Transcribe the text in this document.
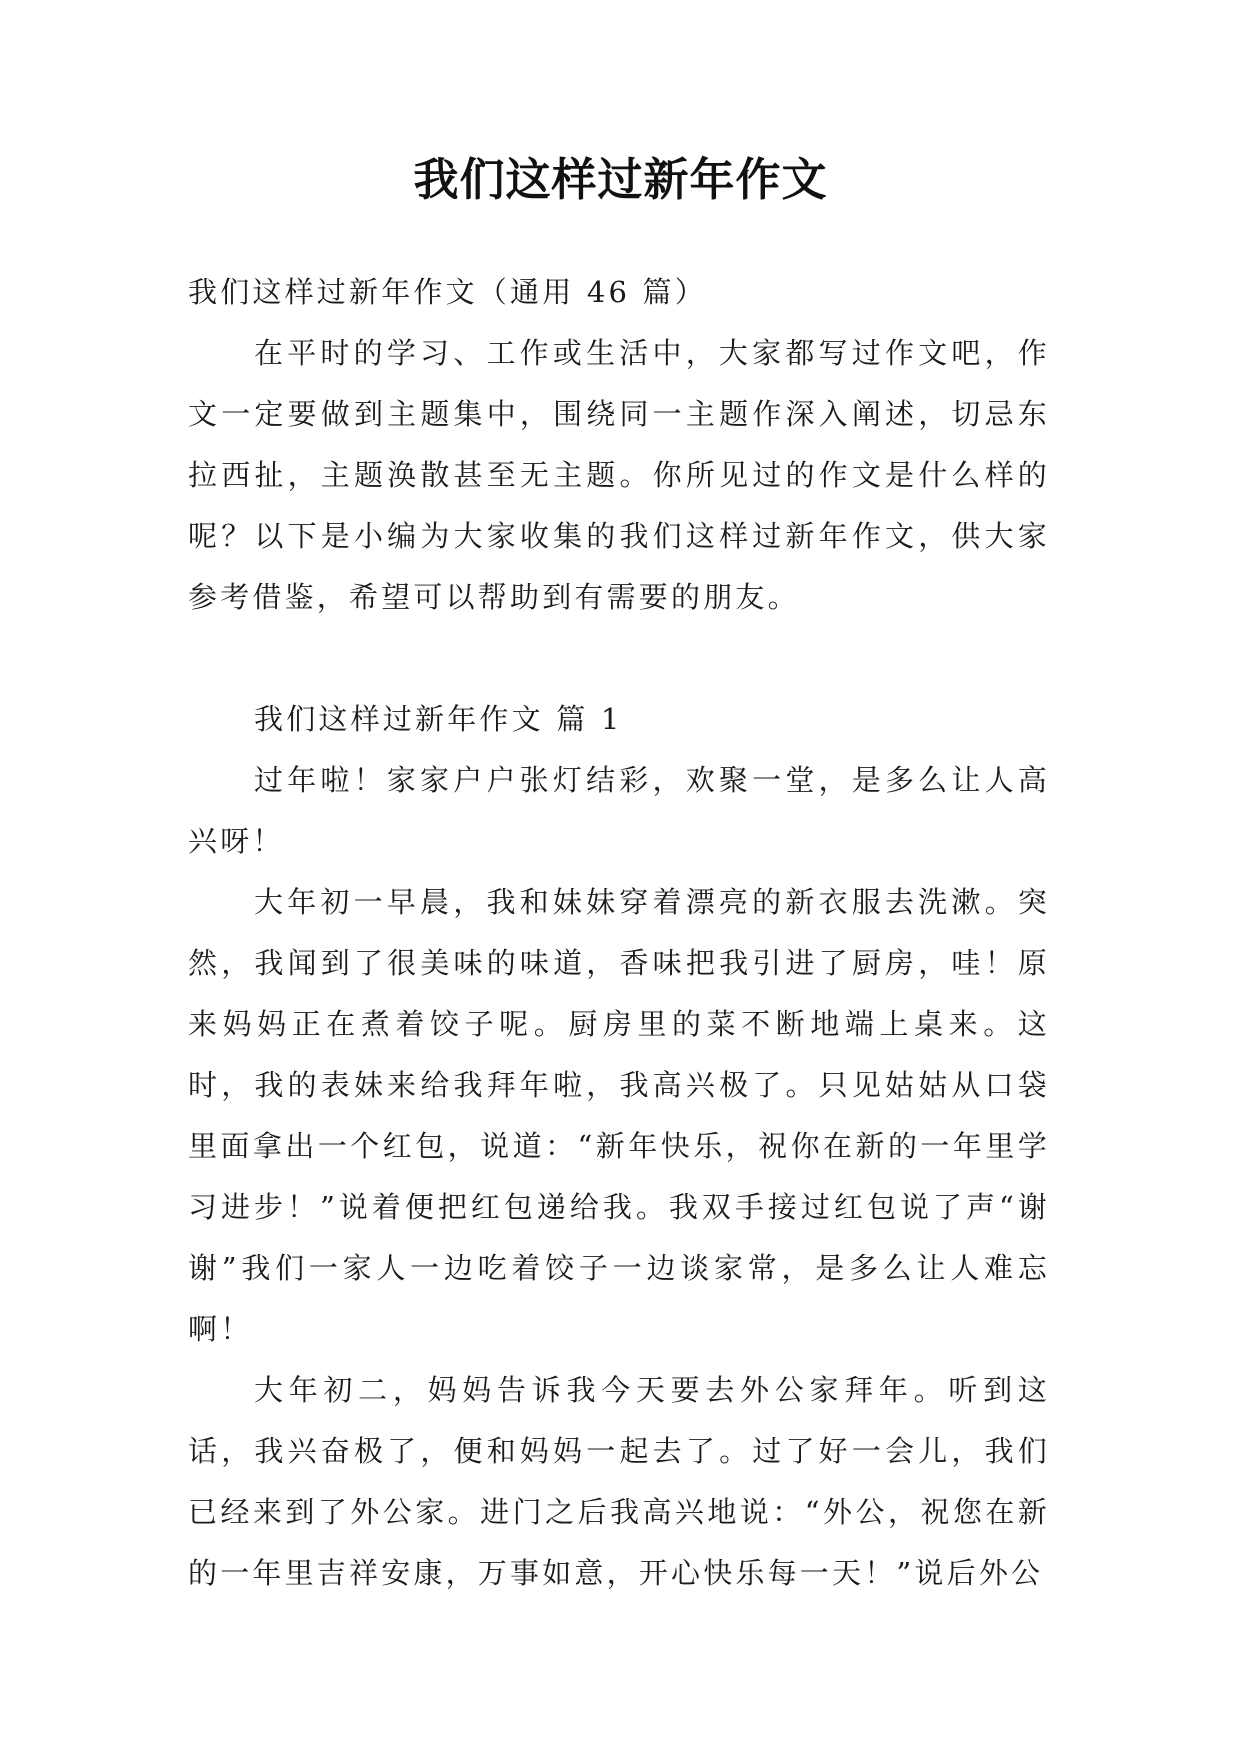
我们这样过新年作文

我们这样过新年作文（通用 46 篇）

在平时的学习、工作或生活中，大家都写过作文吧，作文一定要做到主题集中，围绕同一主题作深入阐述，切忌东拉西扯，主题涣散甚至无主题。你所见过的作文是什么样的呢？以下是小编为大家收集的我们这样过新年作文，供大家参考借鉴，希望可以帮助到有需要的朋友。

我们这样过新年作文 篇 1

过年啦！家家户户张灯结彩，欢聚一堂，是多么让人高兴呀！

大年初一早晨，我和妹妹穿着漂亮的新衣服去洗漱。突然，我闻到了很美味的味道，香味把我引进了厨房，哇！原来妈妈正在煮着饺子呢。厨房里的菜不断地端上桌来。这时，我的表妹来给我拜年啦，我高兴极了。只见姑姑从口袋里面拿出一个红包，说道：“新年快乐，祝你在新的一年里学习进步！”说着便把红包递给我。我双手接过红包说了声“谢谢”我们一家人一边吃着饺子一边谈家常，是多么让人难忘啊！

大年初二，妈妈告诉我今天要去外公家拜年。听到这话，我兴奋极了，便和妈妈一起去了。过了好一会儿，我们已经来到了外公家。进门之后我高兴地说：“外公，祝您在新的一年里吉祥安康，万事如意，开心快乐每一天！”说后外公
